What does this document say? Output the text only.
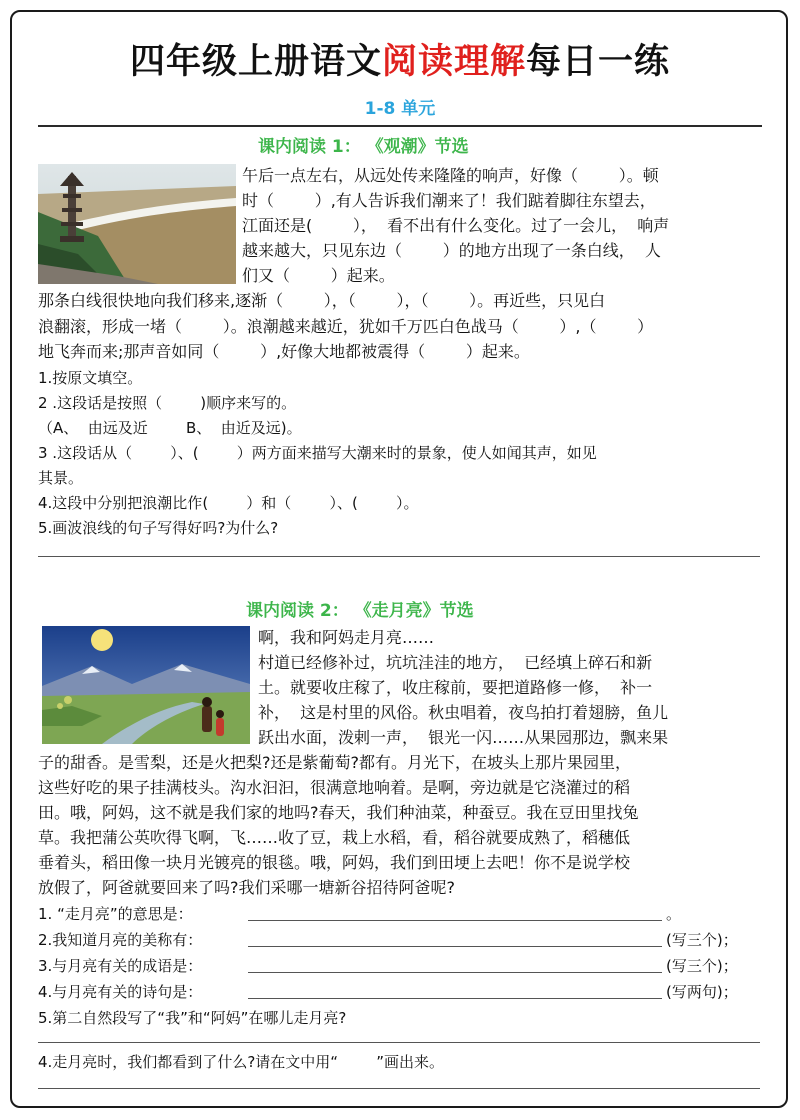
四年级上册语文阅读理解每日一练
1-8 单元
课内阅读 1： 《观潮》节选
午后一点左右，从远处传来隆隆的响声，好像（        ）。顿
时（        ）,有人告诉我们潮来了！我们踮着脚往东望去，
江面还是(        ），  看不出有什么变化。过了一会儿，  响声
越来越大，只见东边（        ）的地方出现了一条白线，  人
们又（        ）起来。
那条白线很快地向我们移来,逐渐（        ），（        ），（        ）。再近些，只见白
浪翻滚，形成一堵（        ）。浪潮越来越近，犹如千万匹白色战马（        ）,（        ）
地飞奔而来;那声音如同（        ）,好像大地都被震得（        ）起来。
1.按原文填空。
2 .这段话是按照（        )顺序来写的。
（A、  由远及近        B、  由近及远)。
3 .这段话从（        ）、(        ）两方面来描写大潮来时的景象，使人如闻其声，如见
其景。
4.这段中分别把浪潮比作(        ）和（        ）、(        ）。
5.画波浪线的句子写得好吗?为什么?
课内阅读 2： 《走月亮》节选
啊，我和阿妈走月亮……
村道已经修补过，坑坑洼洼的地方，  已经填上碎石和新
土。就要收庄稼了，收庄稼前，要把道路修一修，  补一
补，  这是村里的风俗。秋虫唱着，夜鸟拍打着翅膀，鱼儿
跃出水面，泼剌一声，  银光一闪……从果园那边，飘来果
子的甜香。是雪梨，还是火把梨?还是紫葡萄?都有。月光下，在坡头上那片果园里，
这些好吃的果子挂满枝头。沟水汩汩，很满意地响着。是啊，旁边就是它浇灌过的稻
田。哦，阿妈，这不就是我们家的地吗?春天，我们种油菜，种蚕豆。我在豆田里找兔
草。我把蒲公英吹得飞啊，飞……收了豆，栽上水稻，看，稻谷就要成熟了，稻穗低
垂着头，稻田像一块月光镀亮的银毯。哦，阿妈，我们到田埂上去吧！你不是说学校
放假了，阿爸就要回来了吗?我们采哪一塘新谷招待阿爸呢?
1. “走月亮”的意思是：	。
2.我知道月亮的美称有：	(写三个)；
3.与月亮有关的成语是：	(写三个)；
4.与月亮有关的诗句是：	(写两句)；
5.第二自然段写了“我”和“阿妈”在哪儿走月亮?
4.走月亮时，我们都看到了什么?请在文中用“        ”画出来。
